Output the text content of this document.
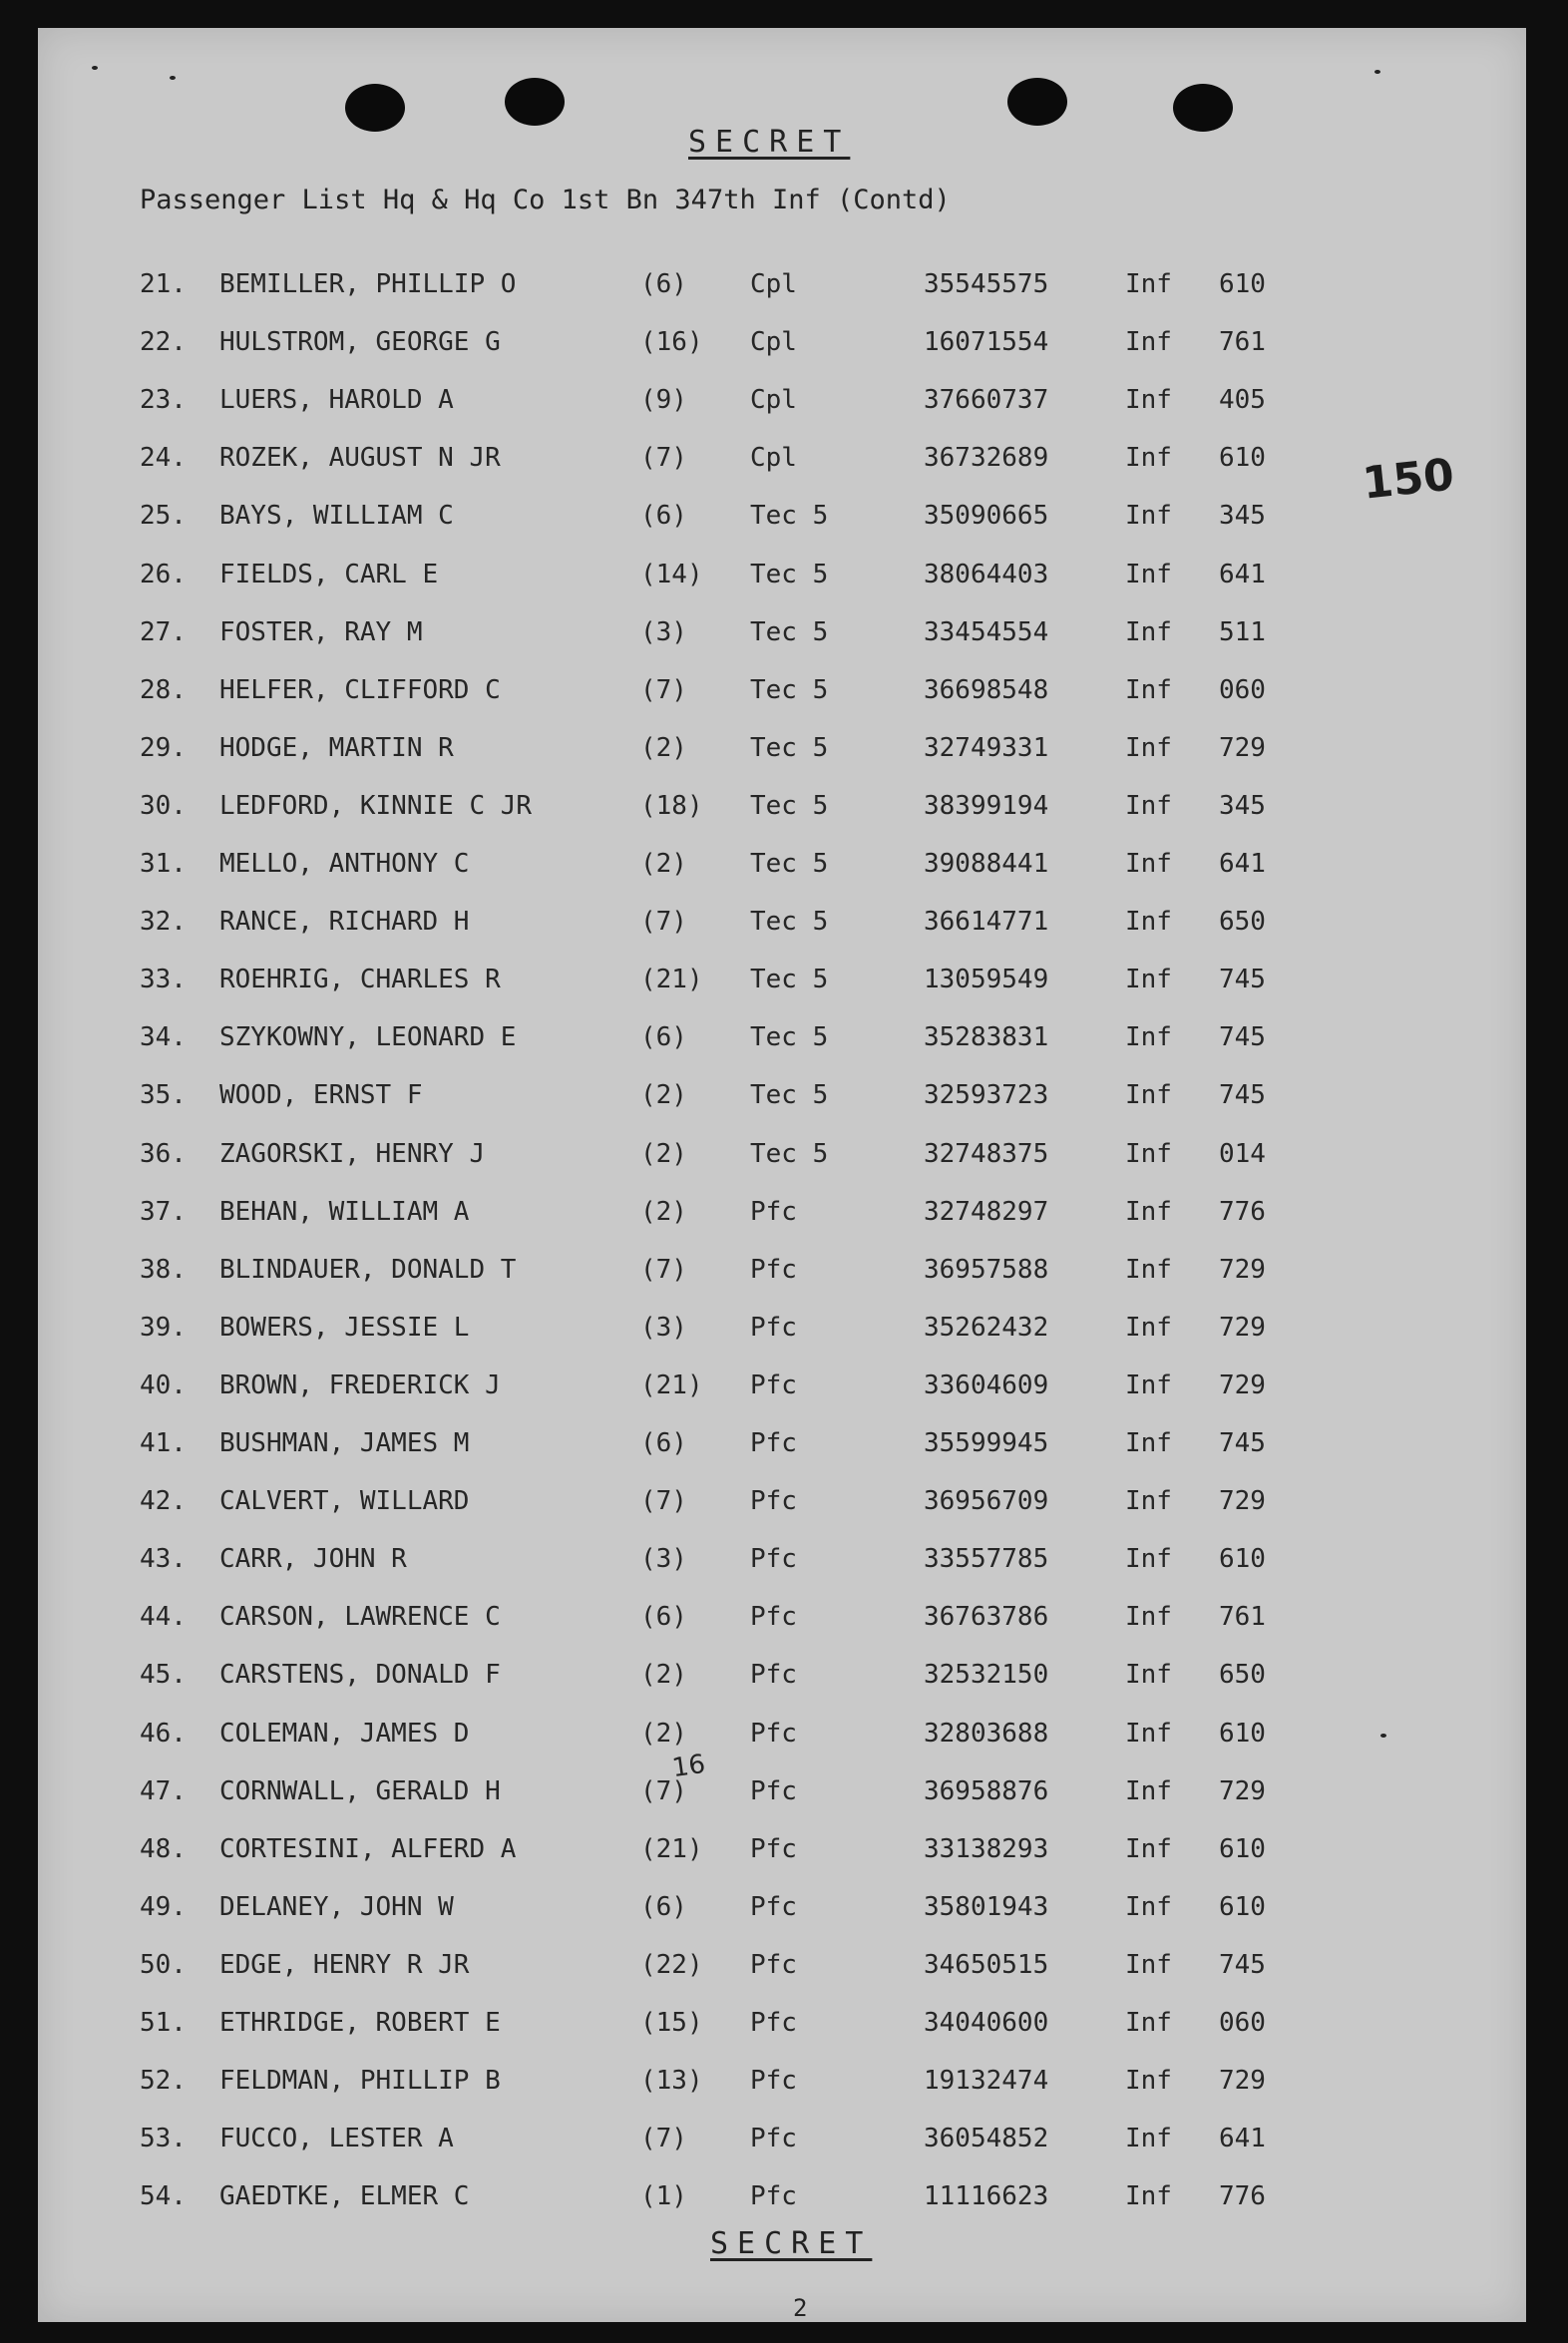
SECRET
Passenger List Hq & Hq Co 1st Bn 347th Inf (Contd)
150
21. BEMILLER, PHILLIP O	(6) Cpl	35545575	Inf 610
22. HULSTROM, GEORGE G	(16) Cpl	16071554	Inf 761
23. LUERS, HAROLD A	(9) Cpl	37660737	Inf 405
24. ROZEK, AUGUST N JR	(7) Cpl	36732689	Inf 610
25. BAYS, WILLIAM C	(6) Tec 5	35090665	Inf 345
26. FIELDS, CARL E	(14) Tec 5	38064403	Inf 641
27. FOSTER, RAY M	(3) Tec 5	33454554	Inf 511
28. HELFER, CLIFFORD C	(7) Tec 5	36698548	Inf 060
29. HODGE, MARTIN R	(2) Tec 5	32749331	Inf 729
30. LEDFORD, KINNIE C JR	(18) Tec 5	38399194	Inf 345
31. MELLO, ANTHONY C	(2) Tec 5	39088441	Inf 641
32. RANCE, RICHARD H	(7) Tec 5	36614771	Inf 650
33. ROEHRIG, CHARLES R	(21) Tec 5	13059549	Inf 745
34. SZYKOWNY, LEONARD E	(6) Tec 5	35283831	Inf 745
35. WOOD, ERNST F	(2) Tec 5	32593723	Inf 745
36. ZAGORSKI, HENRY J	(2) Tec 5	32748375	Inf 014
37. BEHAN, WILLIAM A	(2) Pfc	32748297	Inf 776
38. BLINDAUER, DONALD T	(7) Pfc	36957588	Inf 729
39. BOWERS, JESSIE L	(3) Pfc	35262432	Inf 729
40. BROWN, FREDERICK J	(21) Pfc	33604609	Inf 729
41. BUSHMAN, JAMES M	(6) Pfc	35599945	Inf 745
42. CALVERT, WILLARD	(7) Pfc	36956709	Inf 729
43. CARR, JOHN R	(3) Pfc	33557785	Inf 610
44. CARSON, LAWRENCE C	(6) Pfc	36763786	Inf 761
45. CARSTENS, DONALD F	(2) Pfc	32532150	Inf 650
46. COLEMAN, JAMES D	(2) Pfc	32803688	Inf 610
47. CORNWALL, GERALD H	(7) Pfc	36958876	Inf 729
48. CORTESINI, ALFERD A	(21) Pfc	33138293	Inf 610
49. DELANEY, JOHN W	(6) Pfc	35801943	Inf 610
50. EDGE, HENRY R JR	(22) Pfc	34650515	Inf 745
51. ETHRIDGE, ROBERT E	(15) Pfc	34040600	Inf 060
52. FELDMAN, PHILLIP B	(13) Pfc	19132474	Inf 729
53. FUCCO, LESTER A	(7) Pfc	36054852	Inf 641
54. GAEDTKE, ELMER C	(1) Pfc	11116623	Inf 776
16
SECRET
2
